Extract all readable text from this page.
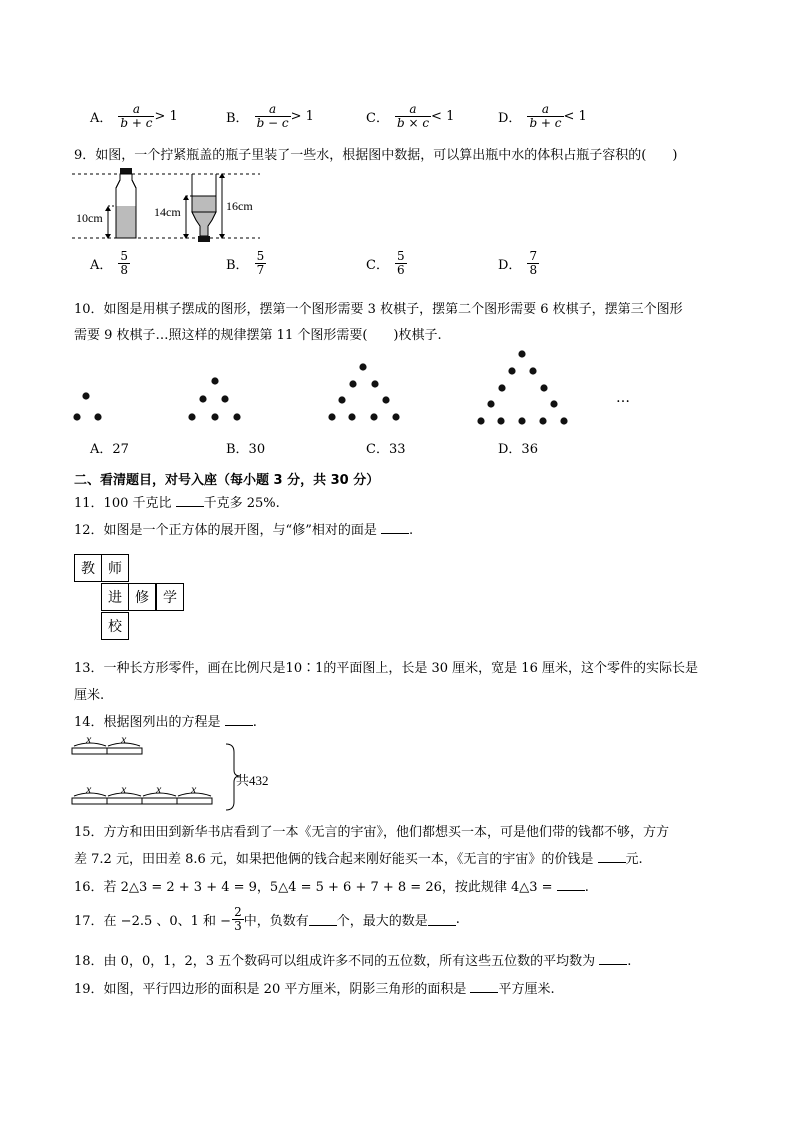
A． $\frac{a}{b + c} > 1$	B． $\frac{a}{b - c} > 1$	C． $\frac{a}{b \times c} < 1$	D． $\frac{a}{b + c} < 1$
9．如图，一个拧紧瓶盖的瓶子里装了一些水，根据图中数据，可以算出瓶中水的体积占瓶子容积的(　　)
10cm	14cm	16cm
A． $\frac{5}{8}$	B． $\frac{5}{7}$	C． $\frac{5}{6}$	D． $\frac{7}{8}$
10．如图是用棋子摆成的图形，摆第一个图形需要 3 枚棋子，摆第二个图形需要 6 枚棋子，摆第三个图形
需要 9 枚棋子…照这样的规律摆第 11 个图形需要(　　)枚棋子.
…
A．27	B．30	C．33	D．36
二、看清题目，对号入座（每小题 3 分，共 30 分）
11．100 千克比 千克多 25%.
12．如图是一个正方体的展开图，与“修”相对的面是 .
教 师
进 修	学
校
13．一种长方形零件，画在比例尺是10∶1的平面图上，长是 30 厘米，宽是 16 厘米，这个零件的实际长是
厘米.
14．根据图列出的方程是 .
x x
x x x x
共432
15．方方和田田到新华书店看到了一本《无言的宇宙》，他们都想买一本，可是他们带的钱都不够，方方
差 7.2 元，田田差 8.6 元，如果把他俩的钱合起来刚好能买一本，《无言的宇宙》的价钱是 元.
16．若 2△3 = 2 + 3 + 4 = 9，5△4 = 5 + 6 + 7 + 8 = 26，按此规律 4△3 = .
17．在 −2.5 、0、1 和 − $\frac{2}{3}$ 中，负数有 个，最大的数是 .
18．由 0，0，1，2，3 五个数码可以组成许多不同的五位数，所有这些五位数的平均数为 .
19．如图，平行四边形的面积是 20 平方厘米，阴影三角形的面积是 平方厘米.
